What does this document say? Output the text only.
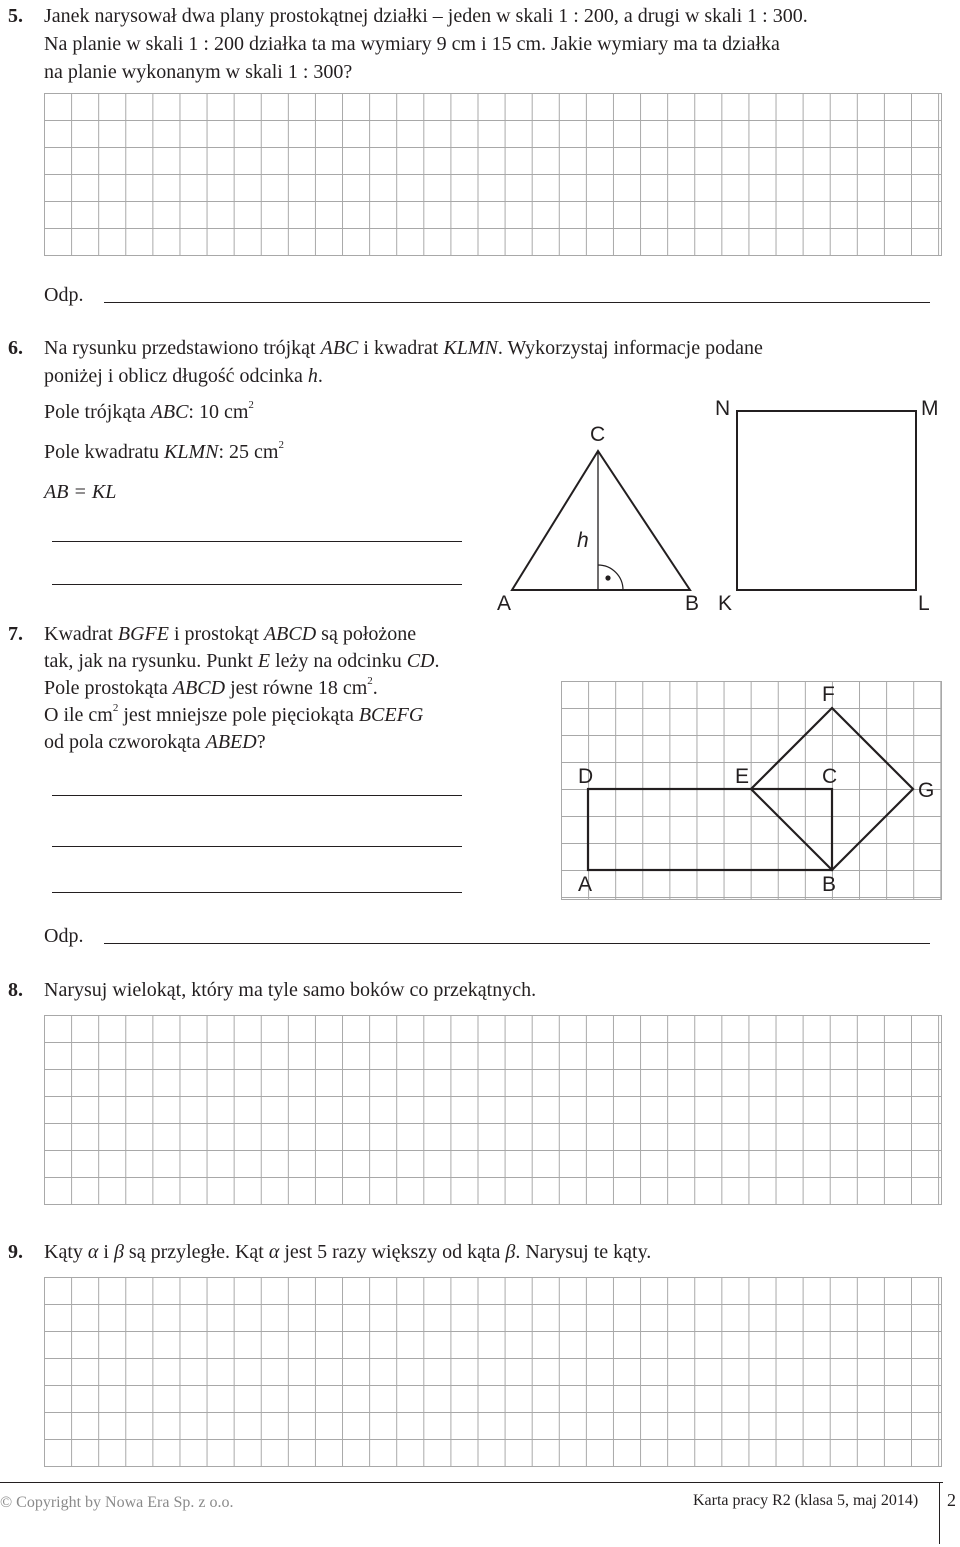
5. Janek narysował dwa plany prostokątnej działki – jeden w skali 1 : 200, a drugi w skali 1 : 300.
Na planie w skali 1 : 200 działka ta ma wymiary 9 cm i 15 cm. Jakie wymiary ma ta działka
na planie wykonanym w skali 1 : 300?
Odp.
6. Na rysunku przedstawiono trójkąt ABC i kwadrat KLMN. Wykorzystaj informacje podane
poniżej i oblicz długość odcinka h.
Pole trójkąta ABC: 10 $cm^2$
Pole kwadratu KLMN: 25 $cm^2$
AB = KL
A	B
C
h
K	L
M
N
7. Kwadrat BGFE i prostokąt ABCD są położone
tak, jak na rysunku. Punkt E leży na odcinku CD.
Pole prostokąta ABCD jest równe 18 $cm^2$.
O ile $cm^2$ jest mniejsze pole pięciokąta BCEFG
od pola czworokąta ABED?
D	E	C
F
G
A	B
Odp.
8. Narysuj wielokąt, który ma tyle samo boków co przekątnych.
9. Kąty α i β są przyległe. Kąt α jest 5 razy większy od kąta β. Narysuj te kąty.
© Copyright by Nowa Era Sp. z o.o.	Karta pracy R2 (klasa 5, maj 2014) 2
